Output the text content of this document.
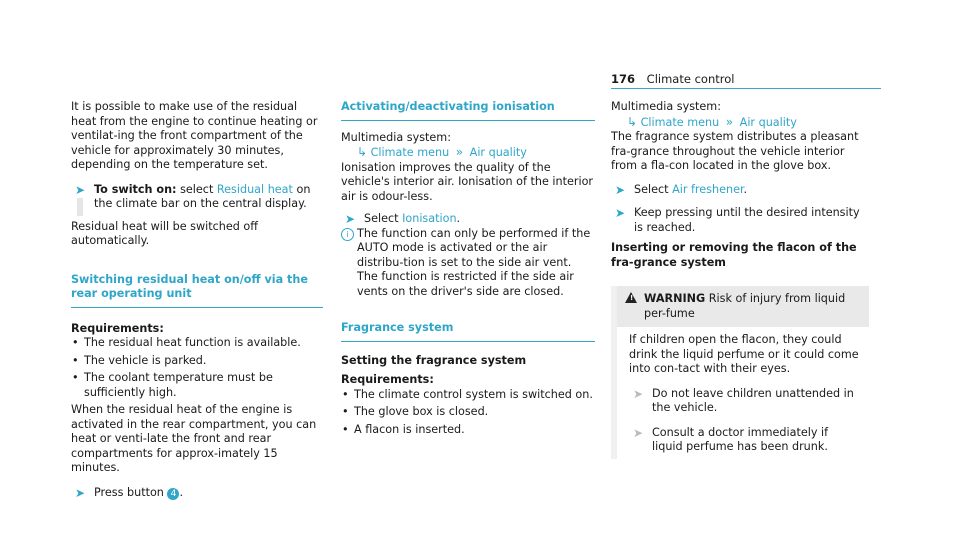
176 Climate control

It is possible to make use of the residual heat from the engine to continue heating or ventilat-ing the front compartment of the vehicle for approximately 30 minutes, depending on the temperature set.

➤ To switch on: select Residual heat on the climate bar on the central display.

Residual heat will be switched off automatically.

Switching residual heat on/off via the rear operating unit

Requirements:

• The residual heat function is available.
• The vehicle is parked.
• The coolant temperature must be sufficiently high.

When the residual heat of the engine is activated in the rear compartment, you can heat or venti-late the front and rear compartments for approx-imately 15 minutes.

➤ Press button 4 .
Activating/deactivating ionisation

Multimedia system:

↳ Climate menu » Air quality

Ionisation improves the quality of the vehicle's interior air. Ionisation of the interior air is odour-less.

➤ Select Ionisation.
i The function can only be performed if the AUTO mode is activated or the air distribu-tion is set to the side air vent. The function is restricted if the side air vents on the driver's side are closed.
Fragrance system

Setting the fragrance system

Requirements:

• The climate control system is switched on.
• The glove box is closed.
• A flacon is inserted.

Multimedia system:

↳ Climate menu » Air quality

The fragrance system distributes a pleasant fra-grance throughout the vehicle interior from a fla-con located in the glove box.

➤ Select Air freshener.
➤ Keep pressing until the desired intensity is reached.

Inserting or removing the flacon of the fra-grance system

! WARNING Risk of injury from liquid per-fume

If children open the flacon, they could drink the liquid perfume or it could come into con-tact with their eyes.

➤ Do not leave children unattended in the vehicle.
➤ Consult a doctor immediately if liquid perfume has been drunk.
